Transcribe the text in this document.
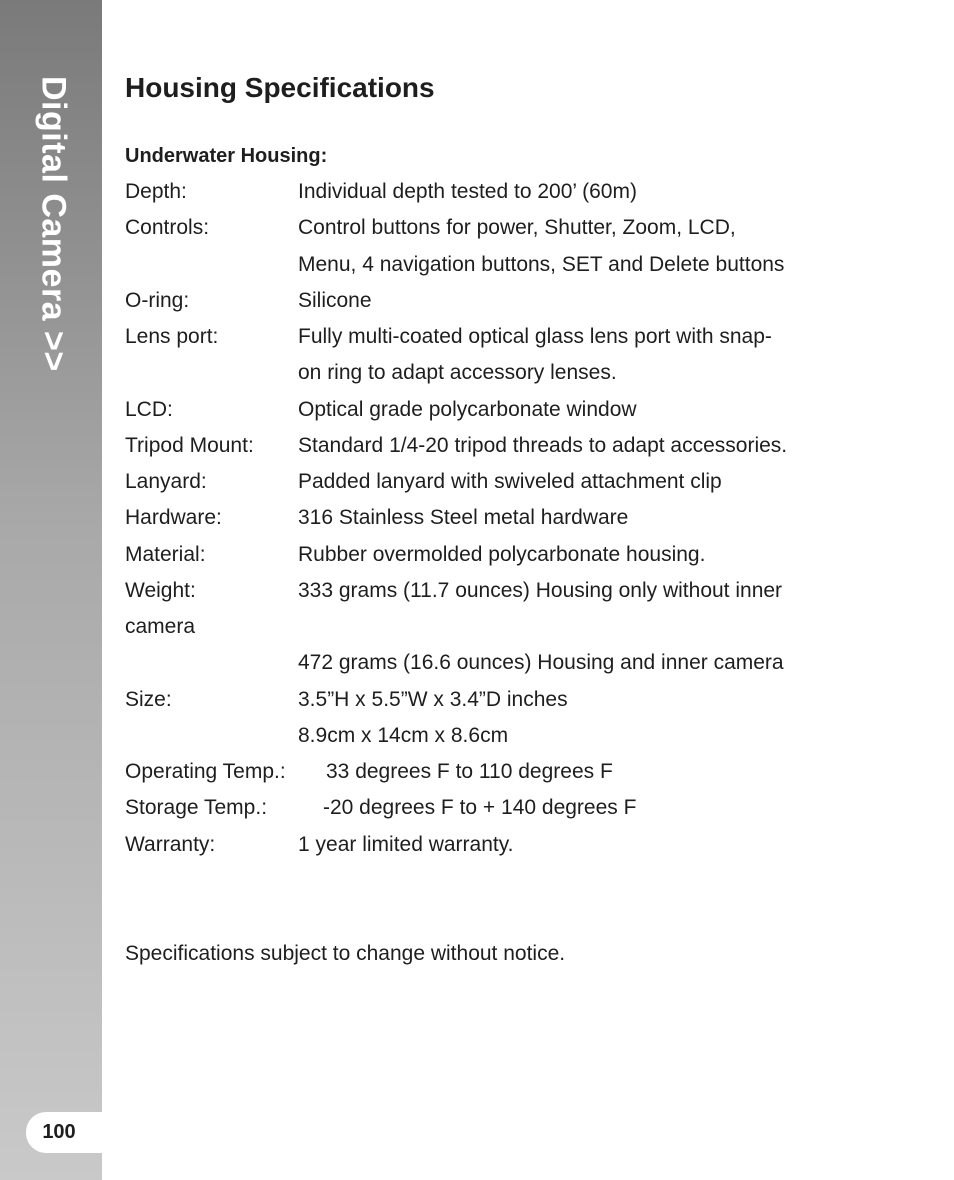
Digital Camera >>
100
Housing Specifications
Underwater Housing:
Depth:	Individual depth tested to 200’ (60m)
Controls:	Control buttons for power, Shutter, Zoom, LCD,
Menu, 4 navigation buttons, SET and Delete buttons
O-ring:	Silicone
Lens port:	Fully multi-coated optical glass lens port with snap-
on ring to adapt accessory lenses.
LCD:	Optical grade polycarbonate window
Tripod Mount: Standard 1/4-20 tripod threads to adapt accessories.
Lanyard:	Padded lanyard with swiveled attachment clip
Hardware:	316 Stainless Steel metal hardware
Material:	Rubber overmolded polycarbonate housing.
Weight:	333 grams (11.7 ounces) Housing only without inner
camera
472 grams (16.6 ounces) Housing and inner camera
Size:	3.5”H x 5.5”W x 3.4”D inches
8.9cm x 14cm x 8.6cm
Operating Temp.: 33 degrees F to 110 degrees F
Storage Temp.:	-20 degrees F to + 140 degrees F
Warranty:	1 year limited warranty.
Specifications subject to change without notice.
